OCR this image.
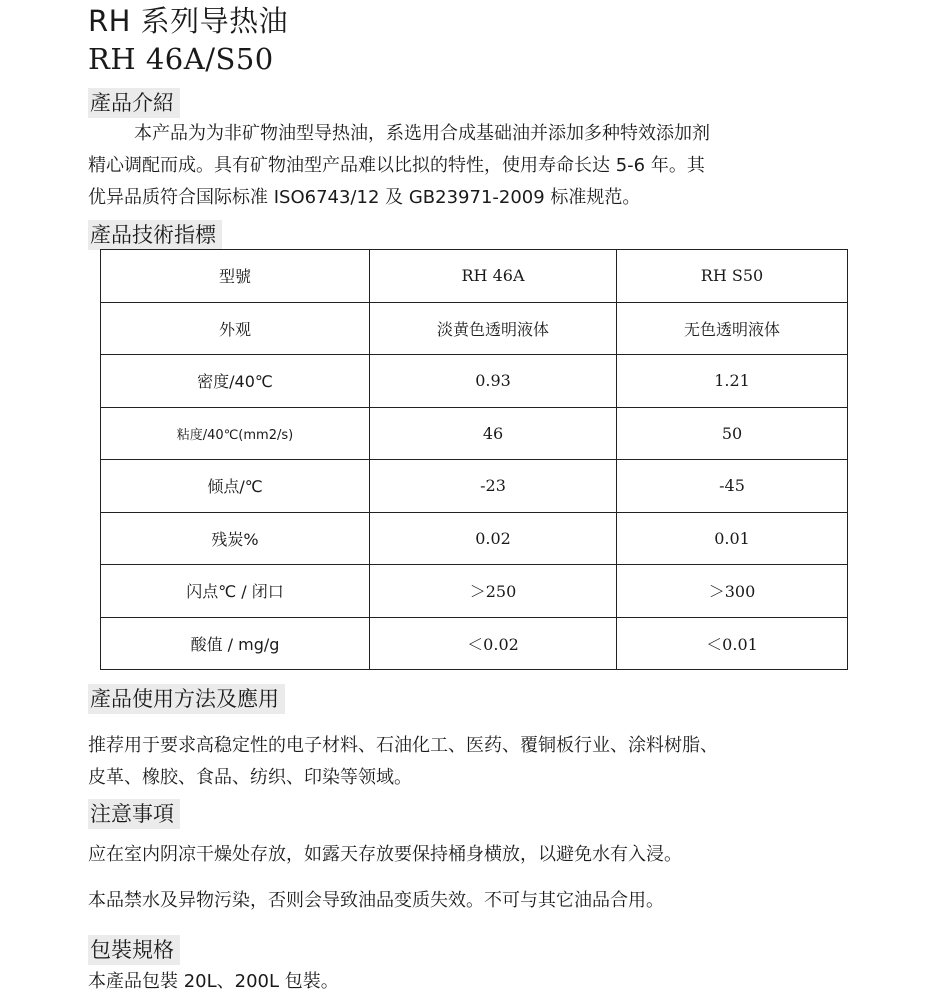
RH 系列导热油
RH 46A/S50
產品介紹
本产品为为非矿物油型导热油，系选用合成基础油并添加多种特效添加剂
精心调配而成。具有矿物油型产品难以比拟的特性，使用寿命长达 5-6 年。其
优异品质符合国际标准 ISO6743/12 及 GB23971-2009 标准规范。
產品技術指標
型號	RH 46A	RH S50
外观	淡黄色透明液体	无色透明液体
密度/40℃	0.93	1.21
粘度/40℃(mm2/s)	46	50
倾点/℃	-23	-45
残炭%	0.02	0.01
闪点℃ / 闭口	＞250	＞300
酸值 / mg/g	＜0.02	＜0.01
產品使用方法及應用
推荐用于要求高稳定性的电子材料、石油化工、医药、覆铜板行业、涂料树脂、
皮革、橡胶、食品、纺织、印染等领域。
注意事項
应在室内阴凉干燥处存放，如露天存放要保持桶身横放，以避免水有入浸。
本品禁水及异物污染，否则会导致油品变质失效。不可与其它油品合用。
包裝規格
本產品包裝 20L、200L 包裝。
